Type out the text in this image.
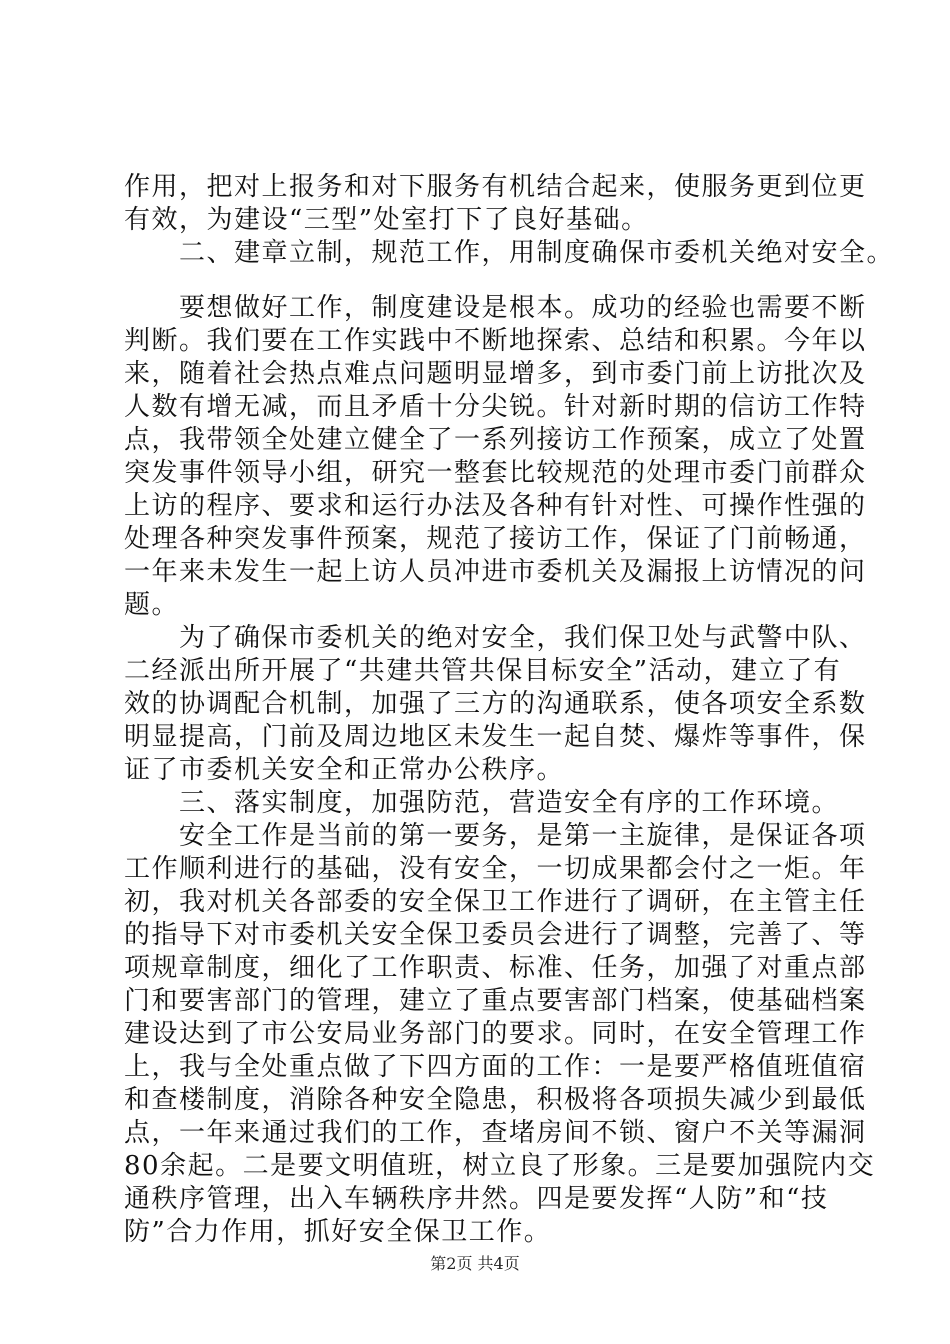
作用，把对上报务和对下服务有机结合起来，使服务更到位更
有效，为建设“三型”处室打下了良好基础。
　　二、建章立制，规范工作，用制度确保市委机关绝对安全。
　　要想做好工作，制度建设是根本。成功的经验也需要不断
判断。我们要在工作实践中不断地探索、总结和积累。今年以
来，随着社会热点难点问题明显增多，到市委门前上访批次及
人数有增无减，而且矛盾十分尖锐。针对新时期的信访工作特
点，我带领全处建立健全了一系列接访工作预案，成立了处置
突发事件领导小组，研究一整套比较规范的处理市委门前群众
上访的程序、要求和运行办法及各种有针对性、可操作性强的
处理各种突发事件预案，规范了接访工作，保证了门前畅通，
一年来未发生一起上访人员冲进市委机关及漏报上访情况的问
题。
　　为了确保市委机关的绝对安全，我们保卫处与武警中队、
二经派出所开展了“共建共管共保目标安全”活动，建立了有
效的协调配合机制，加强了三方的沟通联系，使各项安全系数
明显提高，门前及周边地区未发生一起自焚、爆炸等事件，保
证了市委机关安全和正常办公秩序。
　　三、落实制度，加强防范，营造安全有序的工作环境。
　　安全工作是当前的第一要务，是第一主旋律，是保证各项
工作顺利进行的基础，没有安全，一切成果都会付之一炬。年
初，我对机关各部委的安全保卫工作进行了调研，在主管主任
的指导下对市委机关安全保卫委员会进行了调整，完善了、等
项规章制度，细化了工作职责、标准、任务，加强了对重点部
门和要害部门的管理，建立了重点要害部门档案，使基础档案
建设达到了市公安局业务部门的要求。同时，在安全管理工作
上，我与全处重点做了下四方面的工作：一是要严格值班值宿
和查楼制度，消除各种安全隐患，积极将各项损失减少到最低
点，一年来通过我们的工作，查堵房间不锁、窗户不关等漏洞
80余起。二是要文明值班，树立良了形象。三是要加强院内交
通秩序管理，出入车辆秩序井然。四是要发挥“人防”和“技
防”合力作用，抓好安全保卫工作。
第2页 共4页
